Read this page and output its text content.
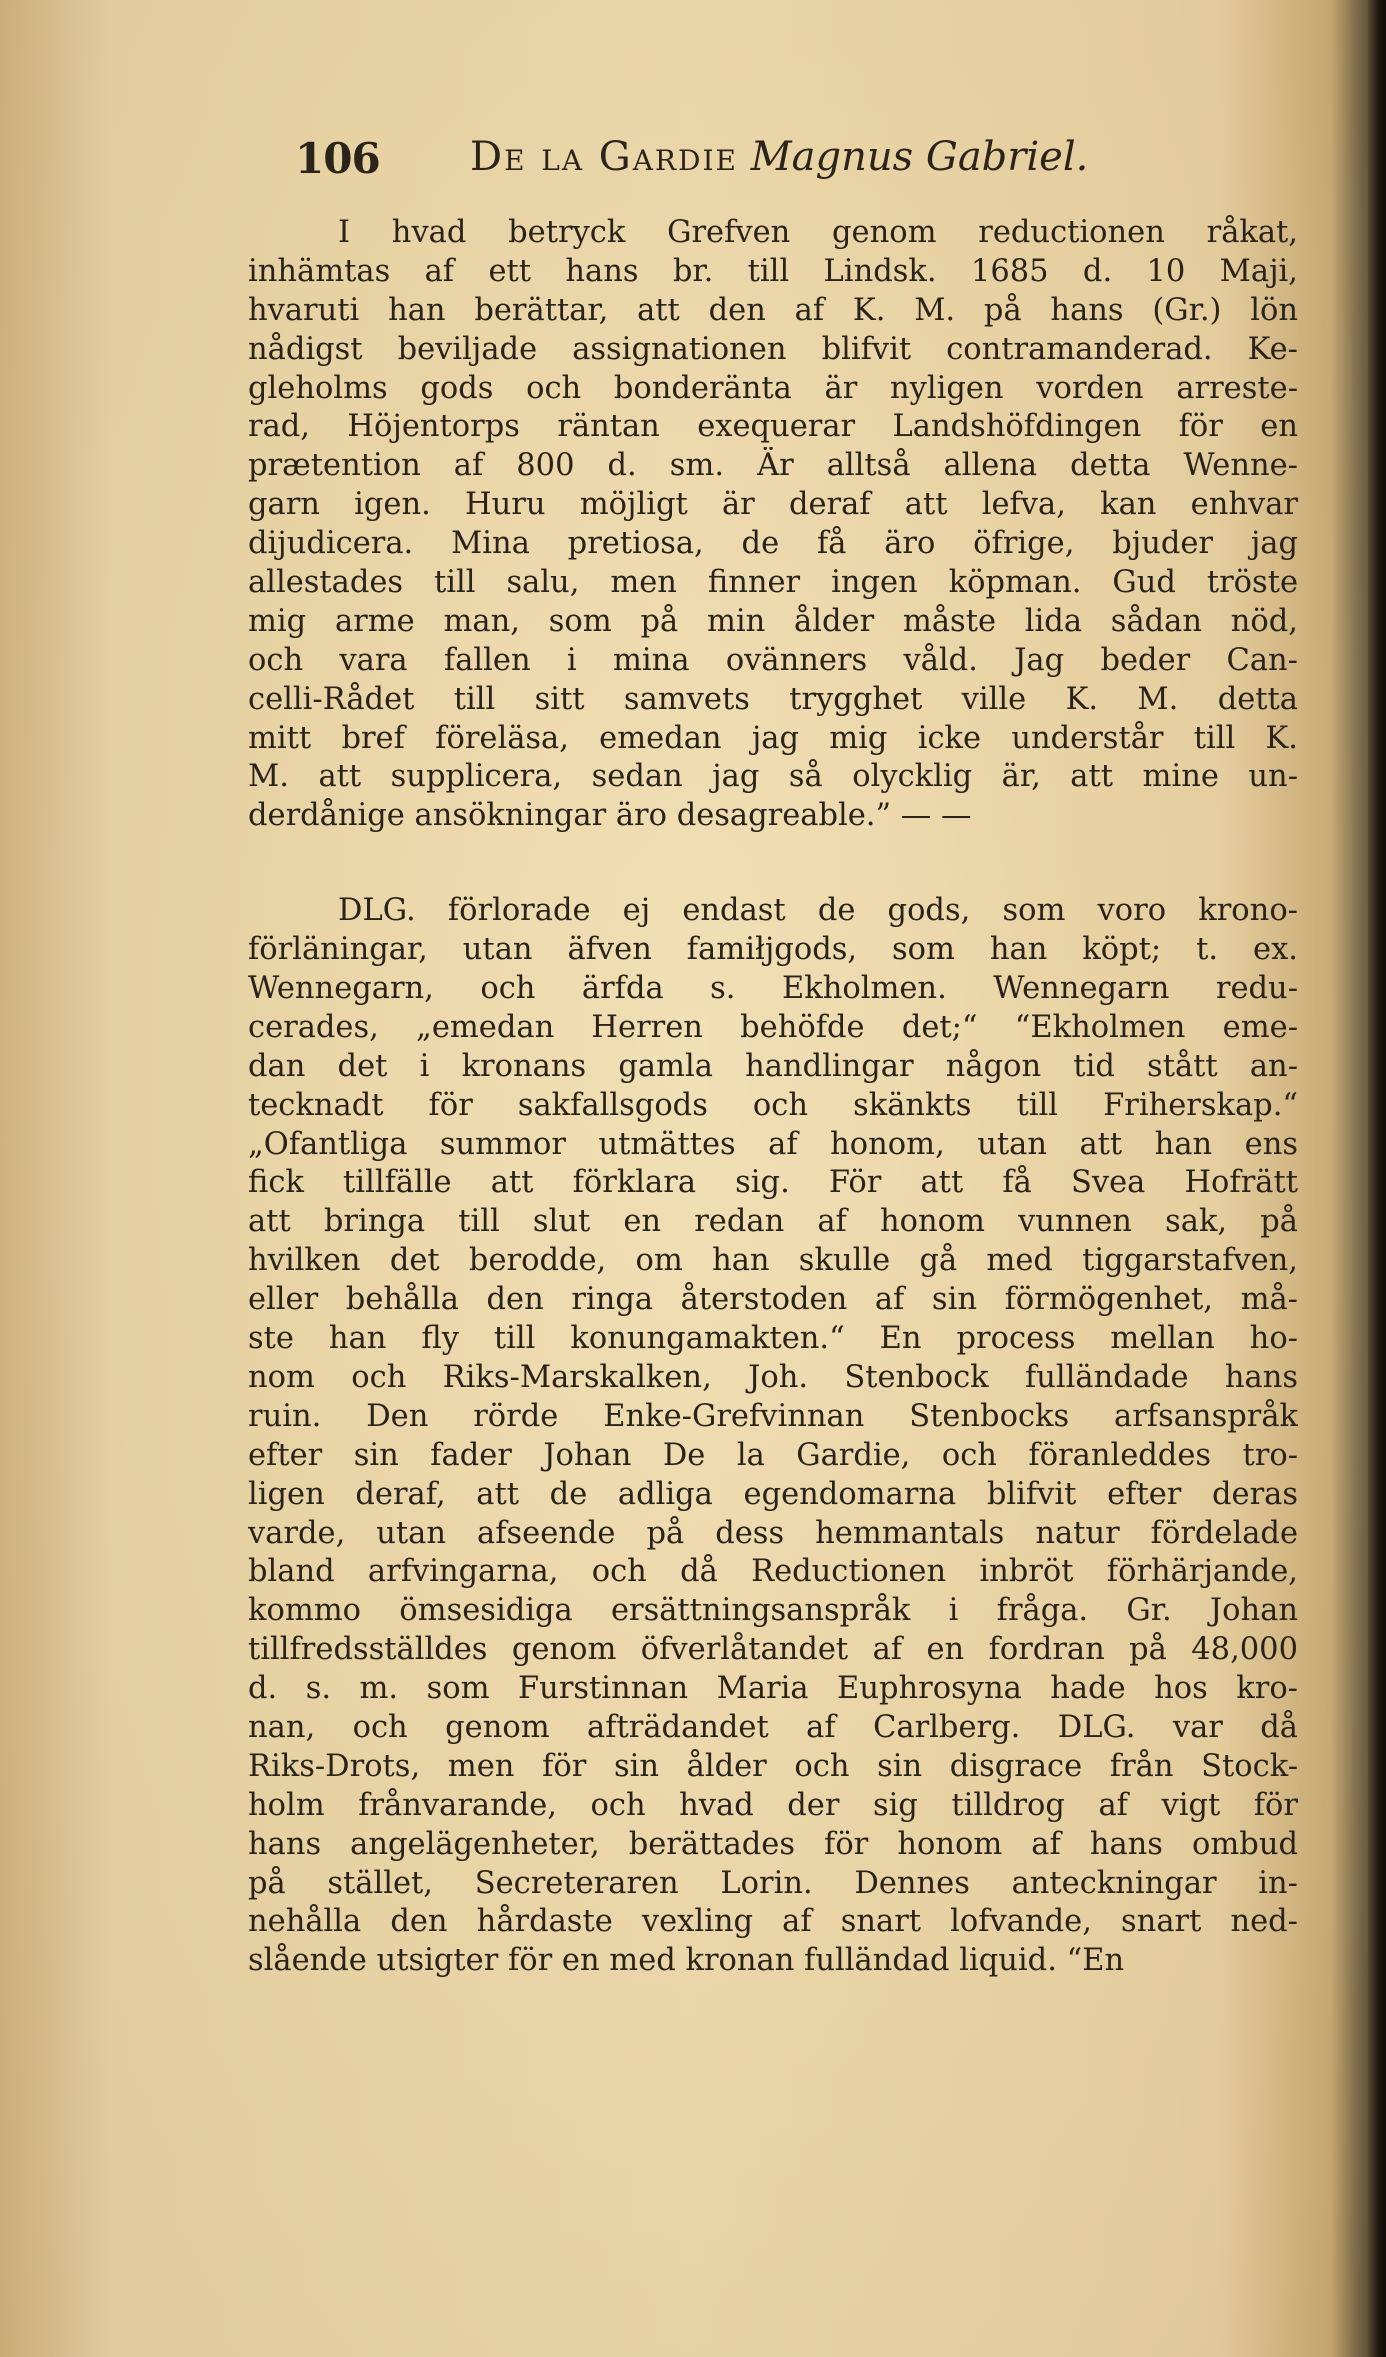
106 De la Gardie Magnus Gabriel.
I hvad betryck Grefven genom reductionen råkat,
inhämtas af ett hans br. till Lindsk. 1685 d. 10 Maji,
hvaruti han berättar, att den af K. M. på hans (Gr.) lön
nådigst beviljade assignationen blifvit contramanderad. Ke-
gleholms gods och bonderänta är nyligen vorden arreste-
rad, Höjentorps räntan exequerar Landshöfdingen för en
prætention af 800 d. sm. Är alltså allena detta Wenne-
garn igen. Huru möjligt är deraf att lefva, kan enhvar
dijudicera. Mina pretiosa, de få äro öfrige, bjuder jag
allestades till salu, men finner ingen köpman. Gud tröste
mig arme man, som på min ålder måste lida sådan nöd,
och vara fallen i mina ovänners våld. Jag beder Can-
celli-Rådet till sitt samvets trygghet ville K. M. detta
mitt bref föreläsa, emedan jag mig icke understår till K.
M. att supplicera, sedan jag så olycklig är, att mine un-
derdånige ansökningar äro desagreable.” — —
DLG. förlorade ej endast de gods, som voro krono-
förläningar, utan äfven famiłjgods, som han köpt; t. ex.
Wennegarn, och ärfda s. Ekholmen. Wennegarn redu-
cerades, „emedan Herren behöfde det;“ “Ekholmen eme-
dan det i kronans gamla handlingar någon tid stått an-
tecknadt för sakfallsgods och skänkts till Friherskap.“
„Ofantliga summor utmättes af honom, utan att han ens
fick tillfälle att förklara sig. För att få Svea Hofrätt
att bringa till slut en redan af honom vunnen sak, på
hvilken det berodde, om han skulle gå med tiggarstafven,
eller behålla den ringa återstoden af sin förmögenhet, må-
ste han fly till konungamakten.“ En process mellan ho-
nom och Riks-Marskalken, Joh. Stenbock fulländade hans
ruin. Den rörde Enke-Grefvinnan Stenbocks arfsanspråk
efter sin fader Johan De la Gardie, och föranleddes tro-
ligen deraf, att de adliga egendomarna blifvit efter deras
varde, utan afseende på dess hemmantals natur fördelade
bland arfvingarna, och då Reductionen inbröt förhärjande,
kommo ömsesidiga ersättningsanspråk i fråga. Gr. Johan
tillfredsställdes genom öfverlåtandet af en fordran på 48,000
d. s. m. som Furstinnan Maria Euphrosyna hade hos kro-
nan, och genom afträdandet af Carlberg. DLG. var då
Riks-Drots, men för sin ålder och sin disgrace från Stock-
holm frånvarande, och hvad der sig tilldrog af vigt för
hans angelägenheter, berättades för honom af hans ombud
på stället, Secreteraren Lorin. Dennes anteckningar in-
nehålla den hårdaste vexling af snart lofvande, snart ned-
slående utsigter för en med kronan fulländad liquid. “En
